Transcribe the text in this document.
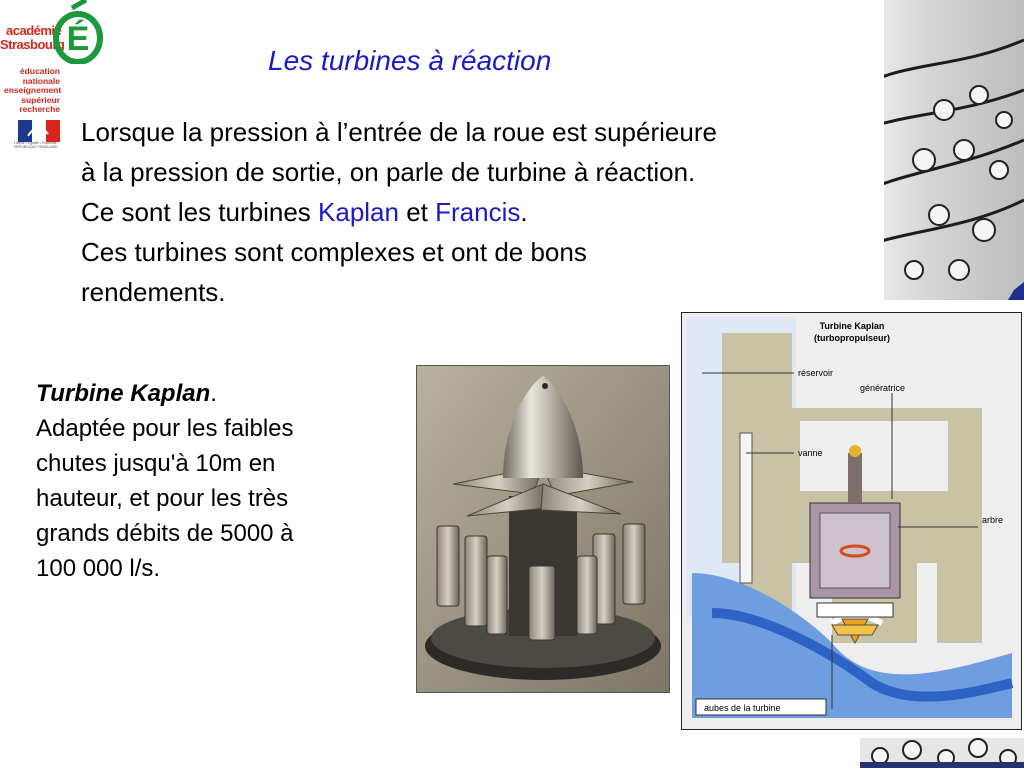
académie
Strasbourg É
éducation
nationale
enseignement
supérieur
recherche
Liberté • Égalité • Fraternité RÉPUBLIQUE FRANÇAISE
Les turbines à réaction

Lorsque la pression à l’entrée de la roue est supérieure

à la pression de sortie, on parle de turbine à réaction.

Ce sont les turbines Kaplan et Francis.

Ces turbines sont complexes et ont de bons

rendements.

Turbine Kaplan.

Adaptée pour les faibles

chutes jusqu'à 10m en

hauteur, et pour les très

grands débits de 5000 à

100 000 l/s.

Turbine Kaplan
(turbopropulseur)
réservoir
génératrice
vanne
arbre
aubes de la turbine
